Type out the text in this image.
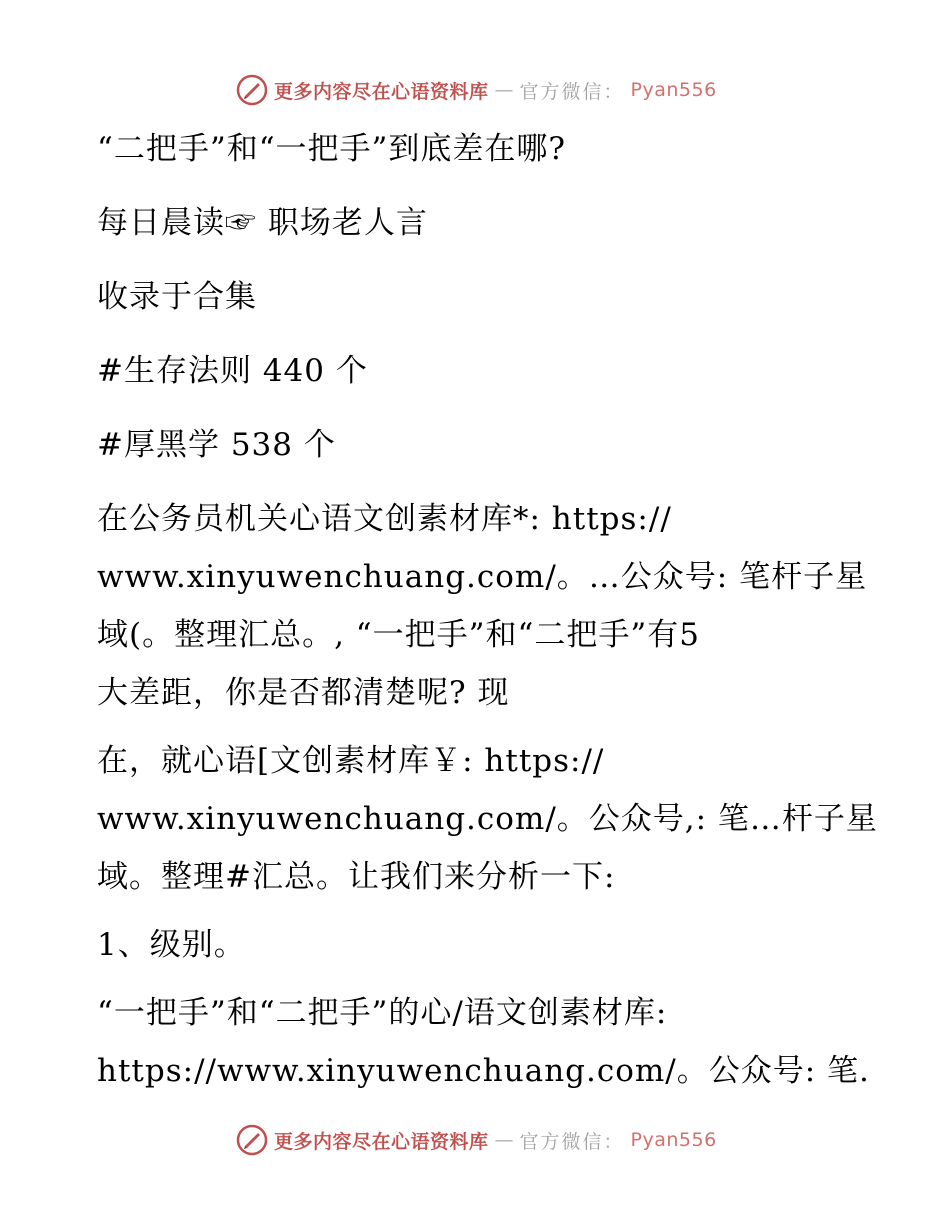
更多内容尽在心语资料库 — 官方微信： Pyan556
“二把手”和“一把手”到底差在哪?
每日晨读☞ 职场老人言
收录于合集
#生存法则 440 个
#厚黑学 538 个
在公务员机关心语文创素材库*: https://
www.xinyuwenchuang.com/。…公众号: 笔杆子星
域(。整理汇总。, “一把手”和“二把手”有5
大差距，你是否都清楚呢? 现
在，就心语[文创素材库￥: https://
www.xinyuwenchuang.com/。公众号,: 笔…杆子星
域。整理#汇总。让我们来分析一下:
1、级别。
“一把手”和“二把手”的心/语文创素材库:
https://www.xinyuwenchuang.com/。公众号: 笔.
更多内容尽在心语资料库 — 官方微信： Pyan556
